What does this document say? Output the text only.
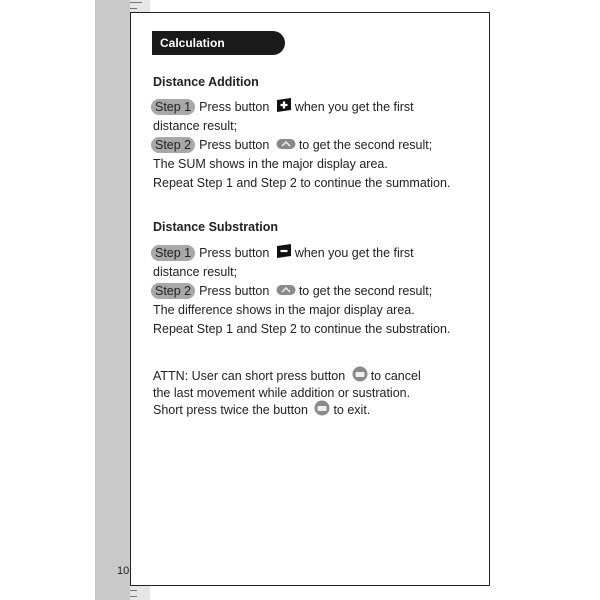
Calculation
Distance Addition
Step 1 Press button when you get the first
distance result;
Step 2 Press button to get the second result;
The SUM shows in the major display area.
Repeat Step 1 and Step 2 to continue the summation.
Distance Substration
Step 1 Press button when you get the first
distance result;
Step 2 Press button to get the second result;
The difference shows in the major display area.
Repeat Step 1 and Step 2 to continue the substration.
ATTN: User can short press button to cancel
the last movement while addition or sustration.
Short press twice the button to exit.
10
